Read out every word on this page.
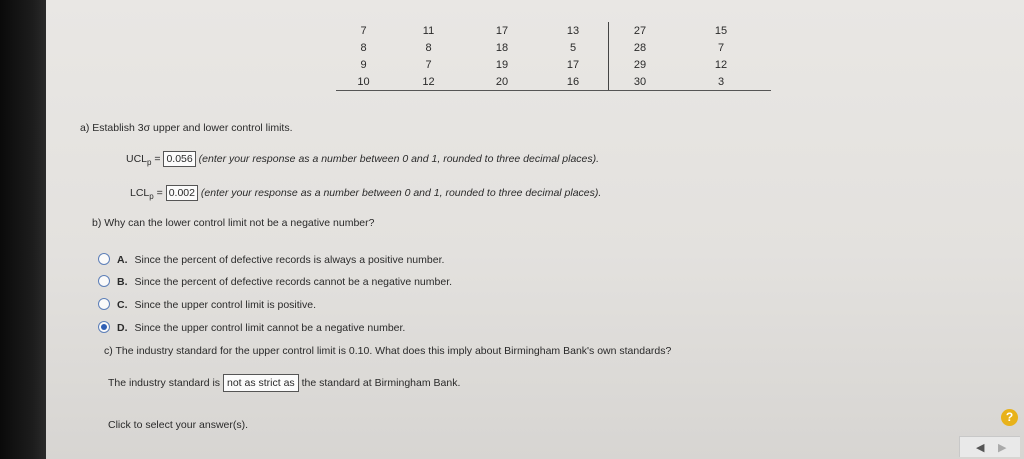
7	11	17	13	27	15
8	8	18	5	28	7
9	7	19	17	29	12
10	12	20	16	30	3
a) Establish 3σ upper and lower control limits.
$UCL_p = 0.056$ (enter your response as a number between 0 and 1, rounded to three decimal places).
$LCL_p = 0.002$ (enter your response as a number between 0 and 1, rounded to three decimal places).
b) Why can the lower control limit not be a negative number?
A. Since the percent of defective records is always a positive number.
B. Since the percent of defective records cannot be a negative number.
C. Since the upper control limit is positive.
D. Since the upper control limit cannot be a negative number.
c) The industry standard for the upper control limit is 0.10. What does this imply about Birmingham Bank's own standards?
The industry standard is not as strict as the standard at Birmingham Bank.
Click to select your answer(s).
?
◀ ▶
